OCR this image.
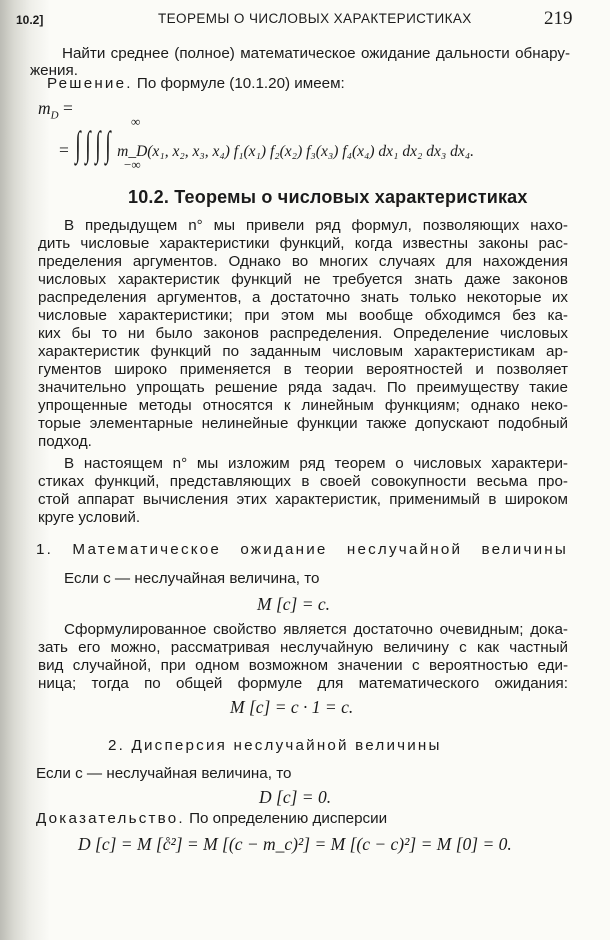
10.2]	ТЕОРЕМЫ О ЧИСЛОВЫХ ХАРАКТЕРИСТИКАХ	219
Найти среднее (полное) математическое ожидание дальности обнару-
жения.
Решение. По формуле (10.1.20) имеем:
$m_D$ =
∞
−∞
= ∫ ∫ ∫ ∫ m_D(x₁, x₂, x₃, x₄) f₁(x₁) f₂(x₂) f₃(x₃) f₄(x₄) dx₁ dx₂ dx₃ dx₄.
10.2. Теоремы о числовых характеристиках
В предыдущем n° мы привели ряд формул, позволяющих нахо-
дить числовые характеристики функций, когда известны законы рас-
пределения аргументов. Однако во многих случаях для нахождения
числовых характеристик функций не требуется знать даже законов
распределения аргументов, а достаточно знать только некоторые их
числовые характеристики; при этом мы вообще обходимся без ка-
ких бы то ни было законов распределения. Определение числовых
характеристик функций по заданным числовым характеристикам ар-
гументов широко применяется в теории вероятностей и позволяет
значительно упрощать решение ряда задач. По преимуществу такие
упрощенные методы относятся к линейным функциям; однако неко-
торые элементарные нелинейные функции также допускают подобный
подход.
В настоящем n° мы изложим ряд теорем о числовых характери-
стиках функций, представляющих в своей совокупности весьма про-
стой аппарат вычисления этих характеристик, применимый в широком
круге условий.
1. Математическое ожидание неслучайной величины
Если c — неслучайная величина, то
M [c] = c.
Сформулированное свойство является достаточно очевидным; дока-
зать его можно, рассматривая неслучайную величину c как частный
вид случайной, при одном возможном значении с вероятностью еди-
ница; тогда по общей формуле для математического ожидания:
M [c] = c · 1 = c.
2. Дисперсия неслучайной величины
Если c — неслучайная величина, то
D [c] = 0.
Доказательство. По определению дисперсии
D [c] = M [c̊²] = M [(c − m_c)²] = M [(c − c)²] = M [0] = 0.
